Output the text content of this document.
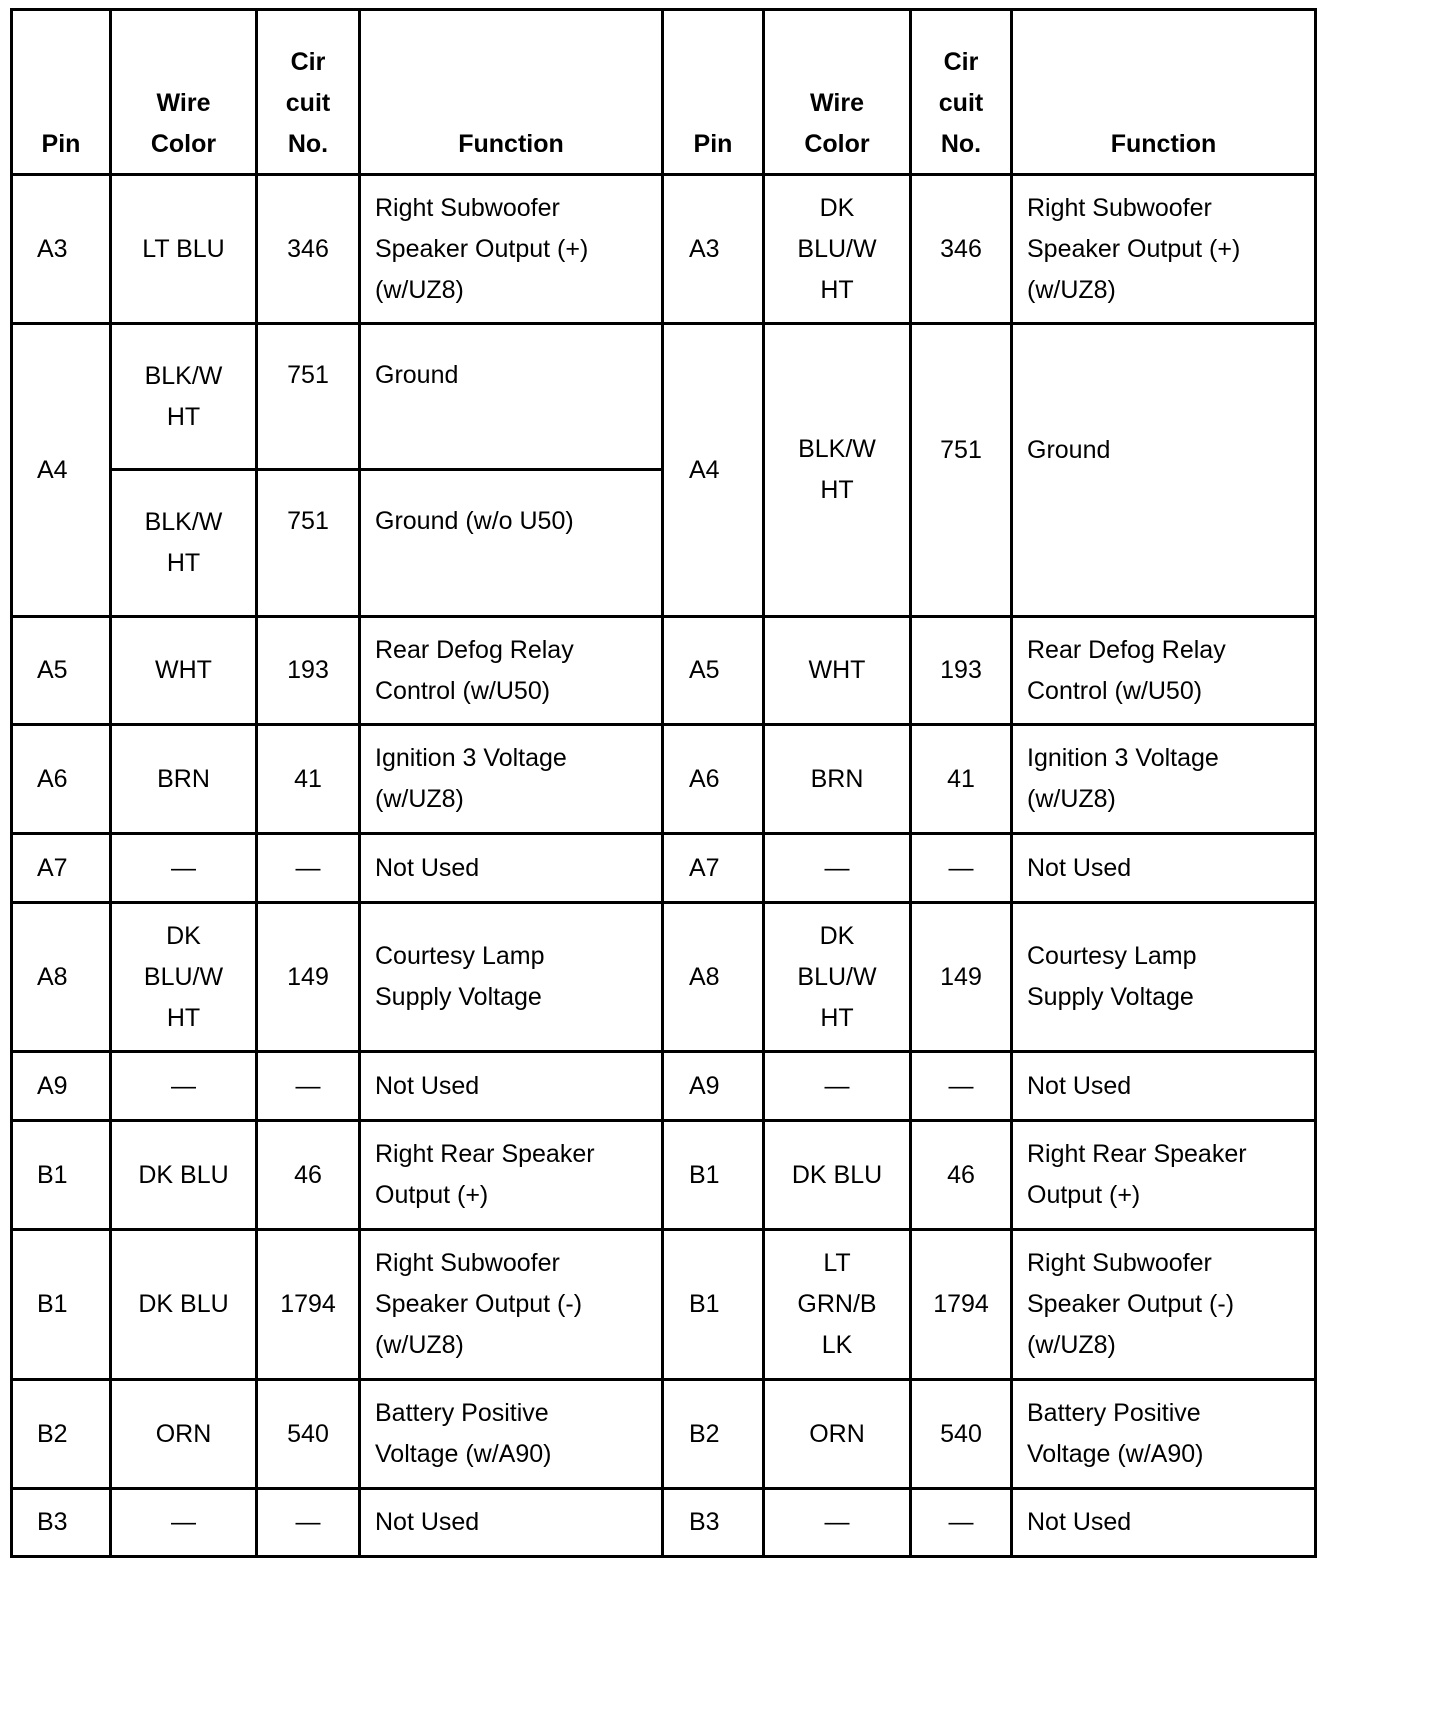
Pin	Wire
Color	Cir
cuit
No.	Function	Pin	Wire
Color	Cir
cuit
No.	Function
A3	LT BLU	346	Right Subwoofer
Speaker Output (+)
(w/UZ8)	A3	DK
BLU/W
HT	346	Right Subwoofer
Speaker Output (+)
(w/UZ8)

A4	BLK/W
HT	751	Ground	A4	BLK/W
HT	751	Ground

	BLK/W
HT	751	Ground (w/o U50)				
A5	WHT	193	Rear Defog Relay
Control (w/U50)	A5	WHT	193	Rear Defog Relay
Control (w/U50)

A6	BRN	41	Ignition 3 Voltage
(w/UZ8)	A6	BRN	41	Ignition 3 Voltage
(w/UZ8)

A7	—	—	Not Used	A7	—	—	Not Used
A8	DK
BLU/W
HT	149	Courtesy Lamp
Supply Voltage	A8	DK
BLU/W
HT	149	Courtesy Lamp
Supply Voltage

A9	—	—	Not Used	A9	—	—	Not Used
B1	DK BLU	46	Right Rear Speaker
Output (+)	B1	DK BLU	46	Right Rear Speaker
Output (+)

B1	DK BLU	1794	Right Subwoofer
Speaker Output (-)
(w/UZ8)	B1	LT
GRN/B
LK	1794	Right Subwoofer
Speaker Output (-)
(w/UZ8)

B2	ORN	540	Battery Positive
Voltage (w/A90)	B2	ORN	540	Battery Positive
Voltage (w/A90)

B3	—	—	Not Used	B3	—	—	Not Used
